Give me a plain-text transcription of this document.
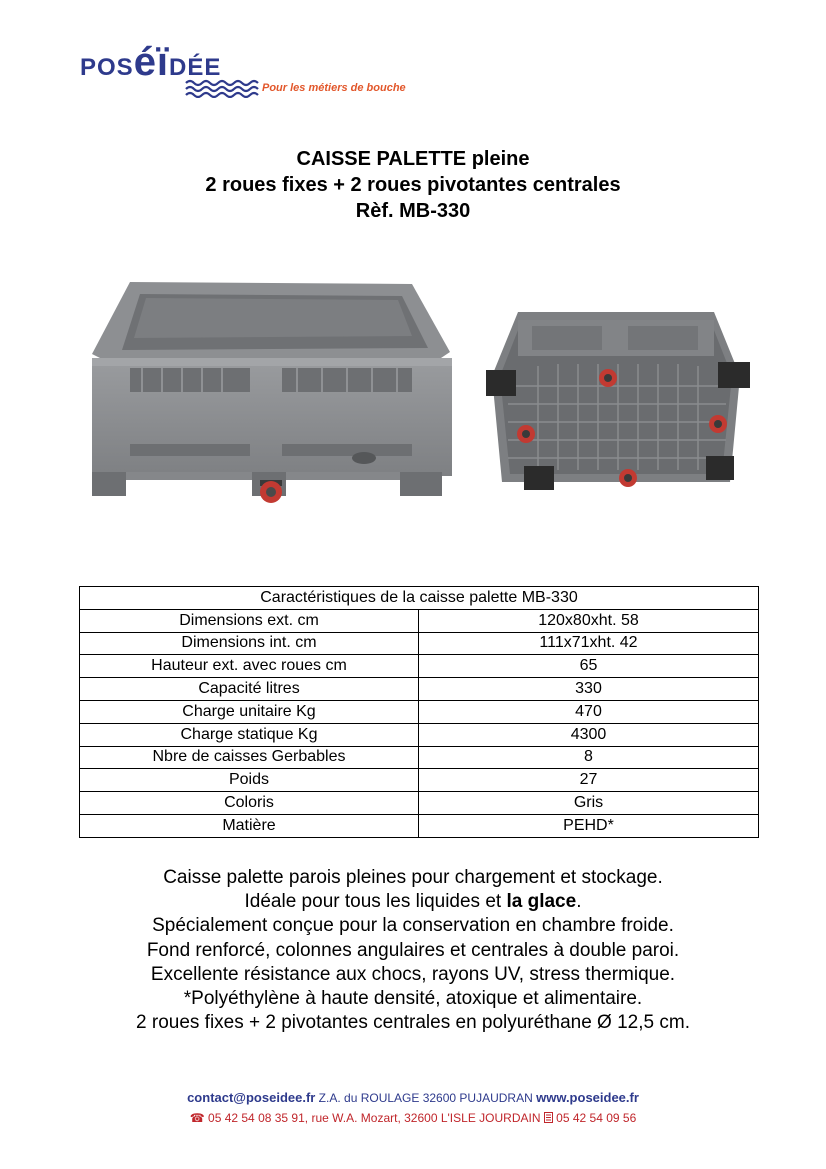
POSéïDÉE
Pour les métiers de bouche
CAISSE PALETTE pleine
2 roues fixes + 2 roues pivotantes centrales
Rèf. MB-330
Caractéristiques de la caisse palette MB-330	
Dimensions ext. cm	120x80xht. 58
Dimensions int. cm	111x71xht. 42
Hauteur ext. avec roues cm	65
Capacité litres	330
Charge unitaire Kg	470
Charge statique Kg	4300
Nbre de caisses Gerbables	8
Poids	27
Coloris	Gris
Matière	PEHD*
Caisse palette parois pleines pour chargement et stockage.
Idéale pour tous les liquides et la glace.
Spécialement conçue pour la conservation en chambre froide.
Fond renforcé, colonnes angulaires et centrales à double paroi.
Excellente résistance aux chocs, rayons UV, stress thermique.
*Polyéthylène à haute densité, atoxique et alimentaire.
2 roues fixes + 2 pivotantes centrales en polyuréthane Ø 12,5 cm.
contact@poseidee.fr Z.A. du ROULAGE 32600 PUJAUDRAN www.poseidee.fr
☎ 05 42 54 08 35 91, rue W.A. Mozart, 32600 L'ISLE JOURDAIN  05 42 54 09 56
